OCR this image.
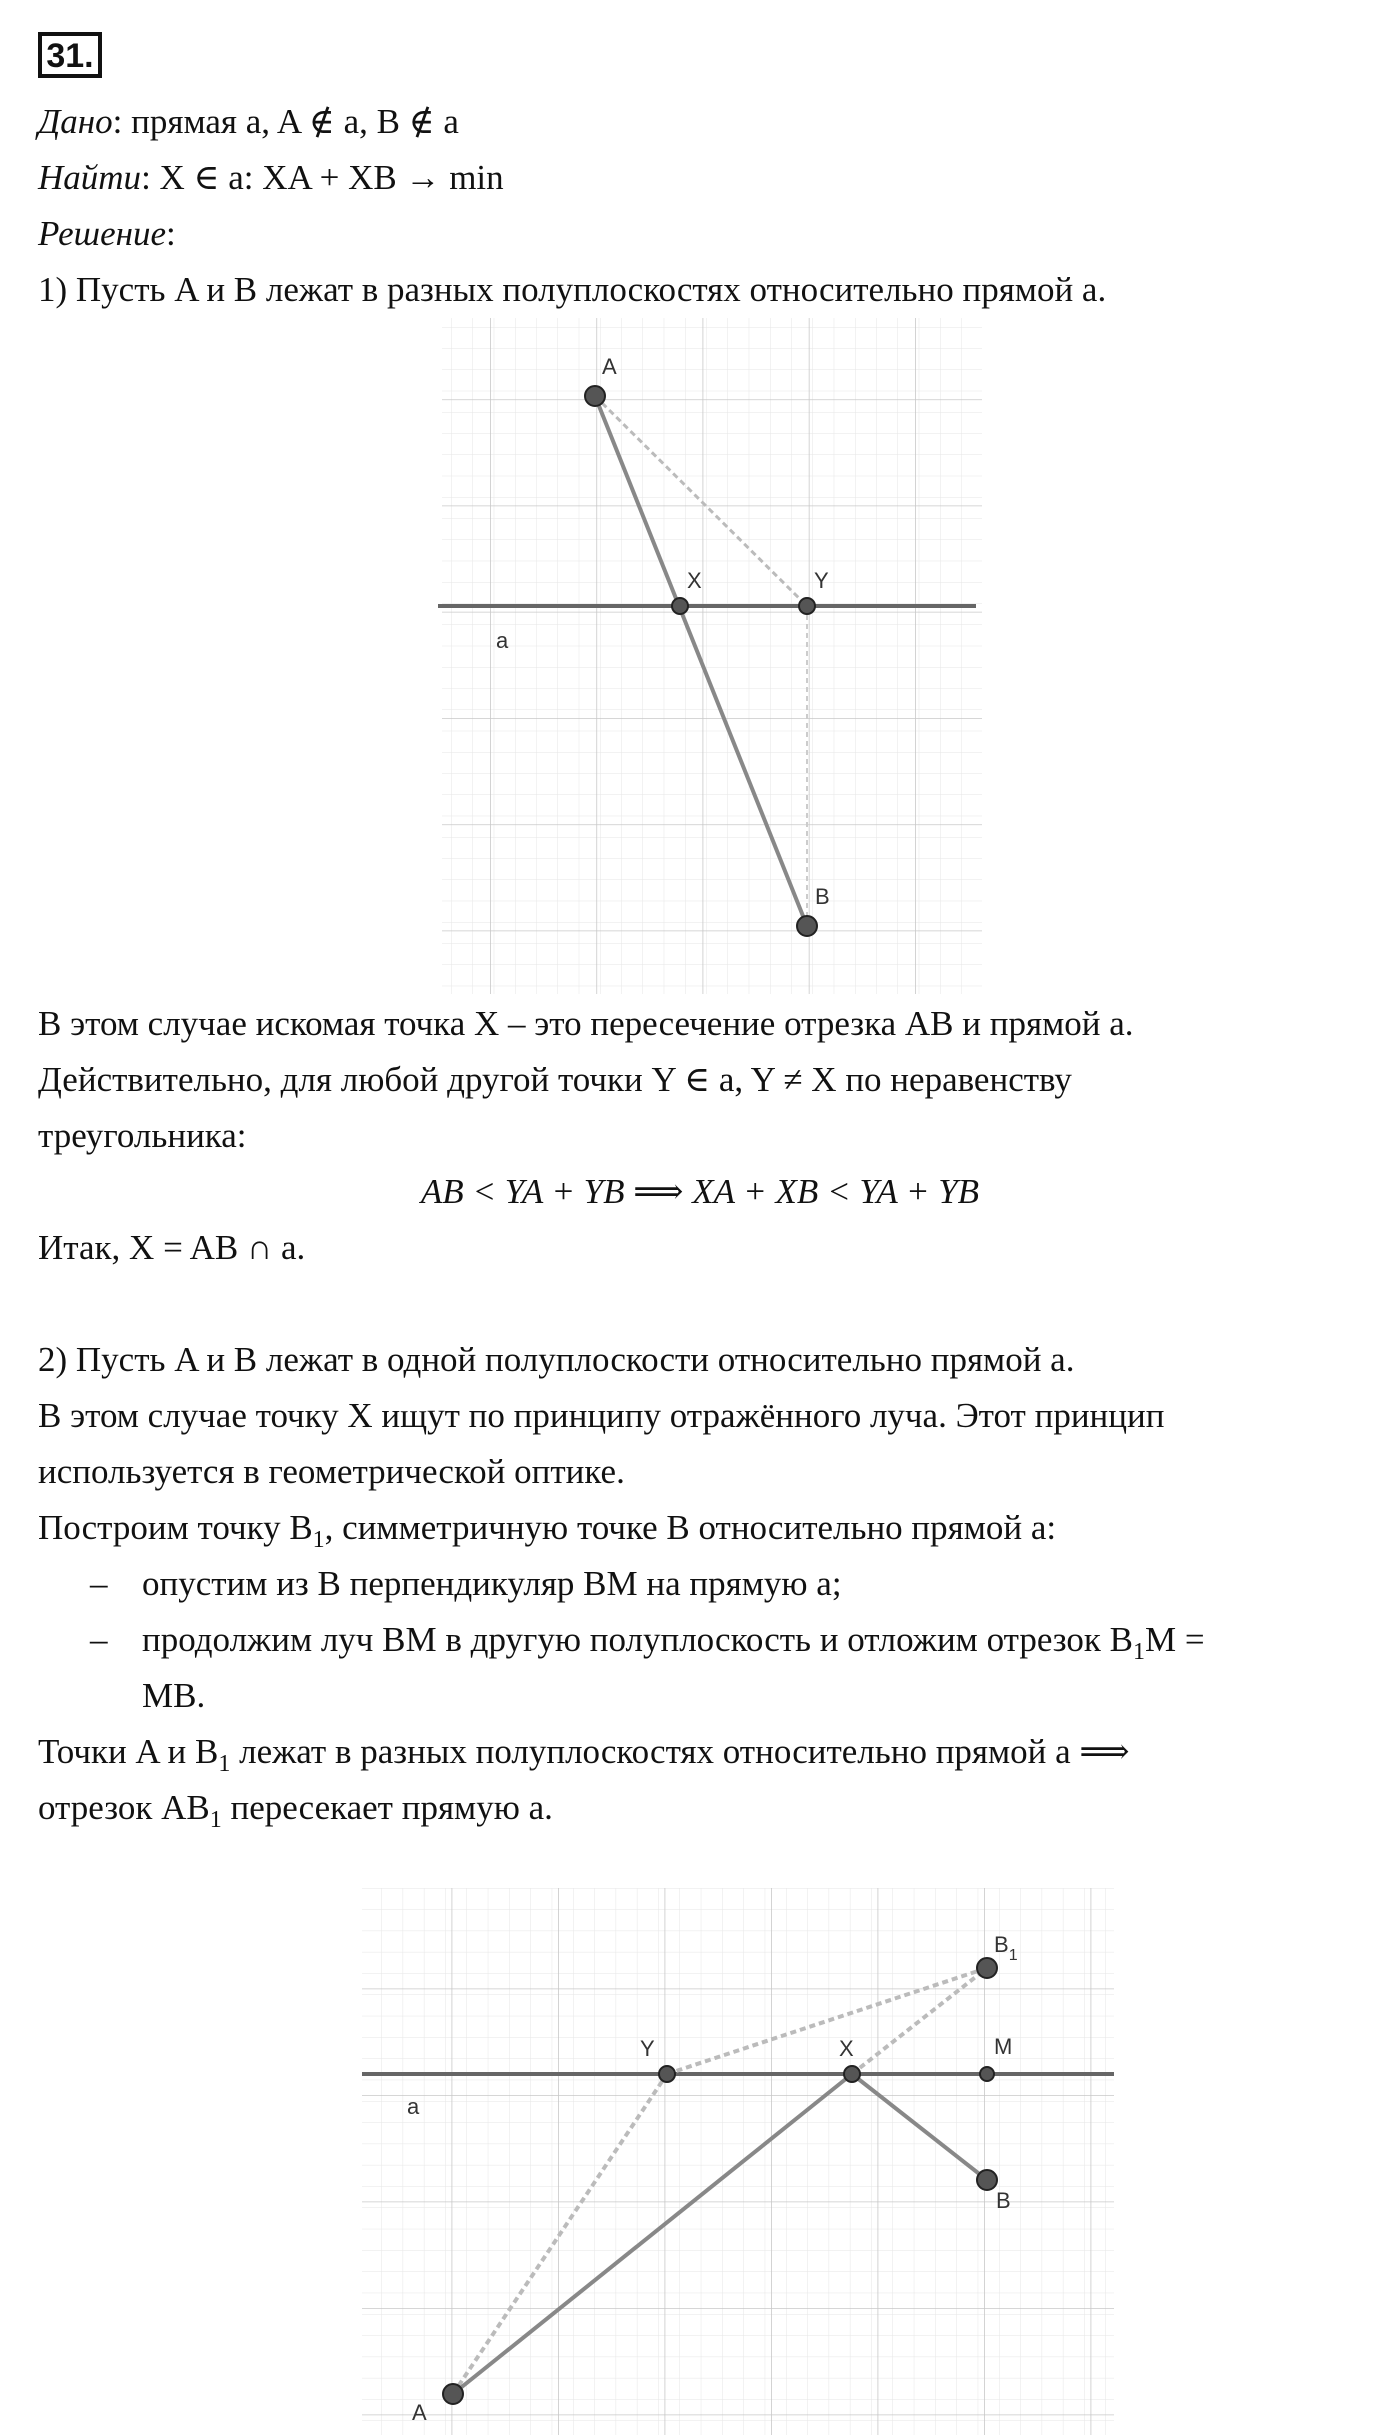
31.
Дано: прямая a, A ∉ a, B ∉ a
Найти: X ∈ a: XA + XB → min
Решение:
1) Пусть A и B лежат в разных полуплоскостях относительно прямой a.
A
X	Y
B
a
В этом случае искомая точка X – это пересечение отрезка AB и прямой a.
Действительно, для любой другой точки Y ∈ a, Y ≠ X по неравенству
треугольника:
AB < YA + YB ⟹ XA + XB < YA + YB
Итак, X = AB ∩ a.
2) Пусть A и B лежат в одной полуплоскости относительно прямой a.
В этом случае точку X ищут по принципу отражённого луча. Этот принцип
используется в геометрической оптике.
Построим точку $B_1$, симметричную точке B относительно прямой a:
– опустим из B перпендикуляр BM на прямую a;
– продолжим луч BM в другую полуплоскость и отложим отрезок $B_1M$ =
MB.
Точки A и $B_1$ лежат в разных полуплоскостях относительно прямой a ⟹
отрезок $AB_1$ пересекает прямую a.
$B_1$
Y	X	M
B
A
a
